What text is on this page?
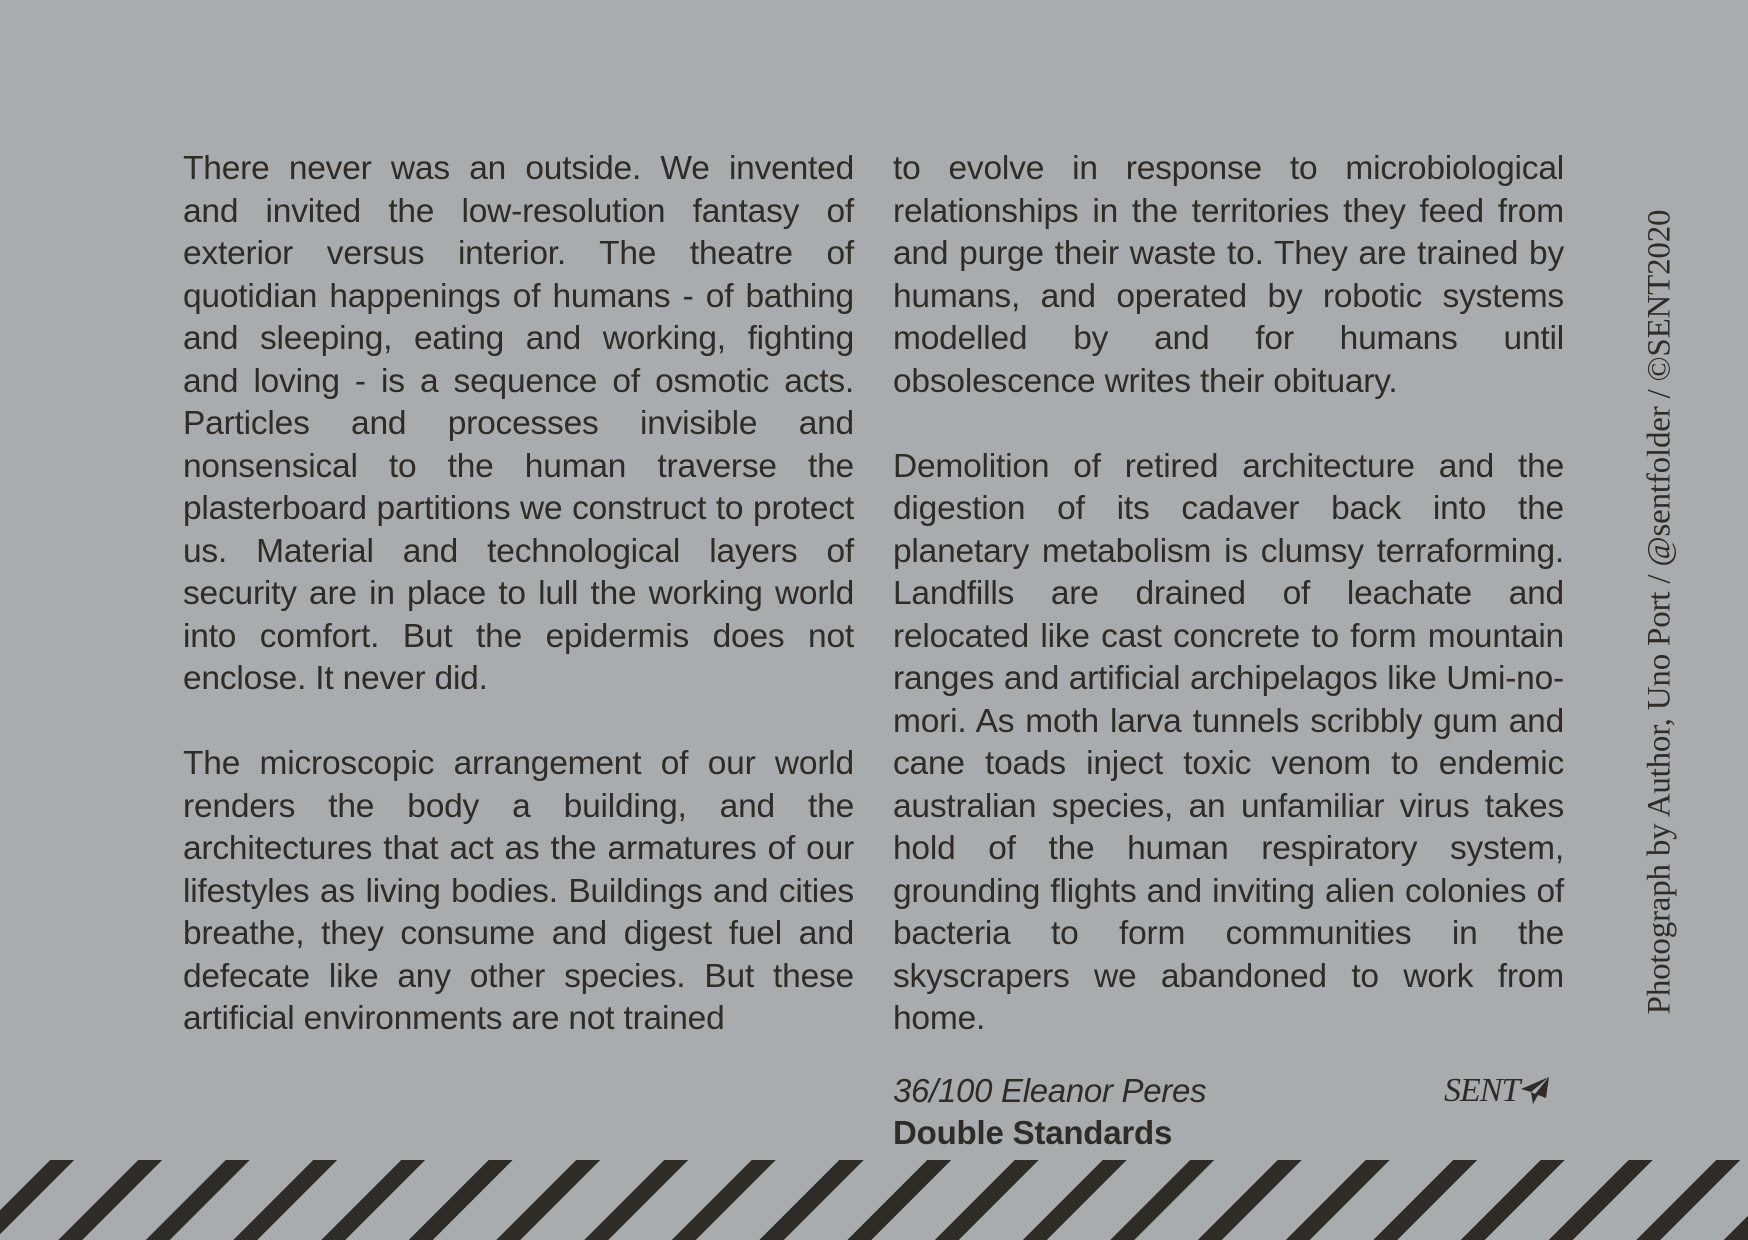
There never was an outside. We invented and invited the low-resolution fantasy of exterior versus interior. The theatre of quotidian happenings of humans - of bathing and sleeping, eating and working, fighting and loving - is a sequence of osmotic acts. Particles and processes invisible and nonsensical to the human traverse the plasterboard partitions we construct to protect us. Material and technological layers of security are in place to lull the working world into comfort. But the epidermis does not enclose. It never did.

The microscopic arrangement of our world renders the body a building, and the architectures that act as the armatures of our lifestyles as living bodies. Buildings and cities breathe, they consume and digest fuel and defecate like any other species. But these artificial environments are not trained

to evolve in response to microbiological relationships in the territories they feed from and purge their waste to. They are trained by humans, and operated by robotic systems modelled by and for humans until obsolescence writes their obituary.

Demolition of retired architecture and the digestion of its cadaver back into the planetary metabolism is clumsy terraforming. Landfills are drained of leachate and relocated like cast concrete to form mountain ranges and artificial archipelagos like Umi-no-mori. As moth larva tunnels scribbly gum and cane toads inject toxic venom to endemic australian species, an unfamiliar virus takes hold of the human respiratory system, grounding flights and inviting alien colonies of bacteria to form communities in the skyscrapers we abandoned to work from home.

36/100 Eleanor Peres
Double Standards
SENT
Photograph by Author, Uno Port / @sentfolder / ©SENT2020
